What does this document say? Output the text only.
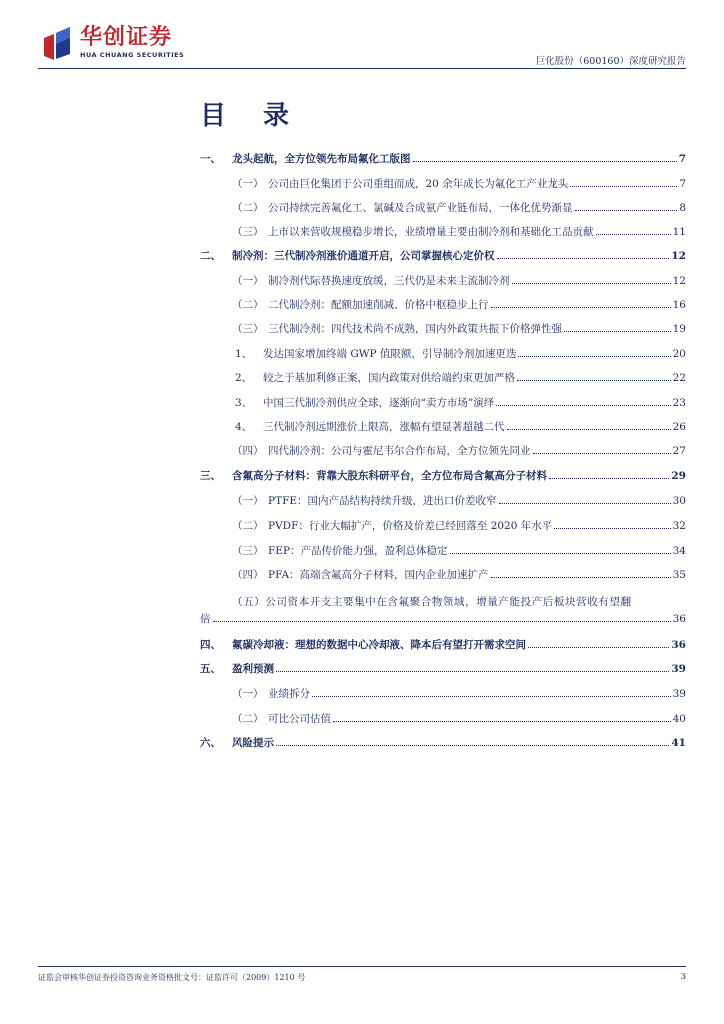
华创证券
HUA CHUANG SECURITIES
巨化股份（600160）深度研究报告
目 录
一、	龙头起航，全方位领先布局氟化工版图	7
（一） 公司由巨化集团于公司重组而成，20 余年成长为氟化工产业龙头	7
（二） 公司持续完善氟化工、氯碱及合成氨产业链布局，一体化优势渐显	8
（三） 上市以来营收规模稳步增长，业绩增量主要由制冷剂和基础化工品贡献	11
二、	制冷剂：三代制冷剂涨价通道开启，公司掌握核心定价权	12
（一） 制冷剂代际替换速度放缓，三代仍是未来主流制冷剂	12
（二） 二代制冷剂：配额加速削减、价格中枢稳步上行	16
（三） 三代制冷剂：四代技术尚不成熟，国内外政策共振下价格弹性强	19
1、	发达国家增加终端 GWP 值限额，引导制冷剂加速更迭	20
2、	较之于基加利修正案，国内政策对供给端约束更加严格	22
3、	中国三代制冷剂供应全球，逐渐向“卖方市场”演绎	23
4、	三代制冷剂远期涨价上限高，涨幅有望显著超越二代	26
（四） 四代制冷剂：公司与霍尼韦尔合作布局，全方位领先同业	27
三、	含氟高分子材料：背靠大股东科研平台，全方位布局含氟高分子材料	29
（一） PTFE：国内产品结构持续升级，进出口价差收窄	30
（二） PVDF：行业大幅扩产，价格及价差已经回落至 2020 年水平	32
（三） FEP：产品传价能力强，盈利总体稳定	34
（四） PFA：高端含氟高分子材料，国内企业加速扩产	35
（五）公司资本开支主要集中在含氟聚合物领域，增量产能投产后板块营收有望翻
倍	36
四、	氟碳冷却液：理想的数据中心冷却液、降本后有望打开需求空间	36
五、	盈利预测	39
（一） 业绩拆分	39
（二） 可比公司估值	40
六、	风险提示	41
证监会审核华创证券投资咨询业务资格批文号：证监许可（2009）1210 号	3
